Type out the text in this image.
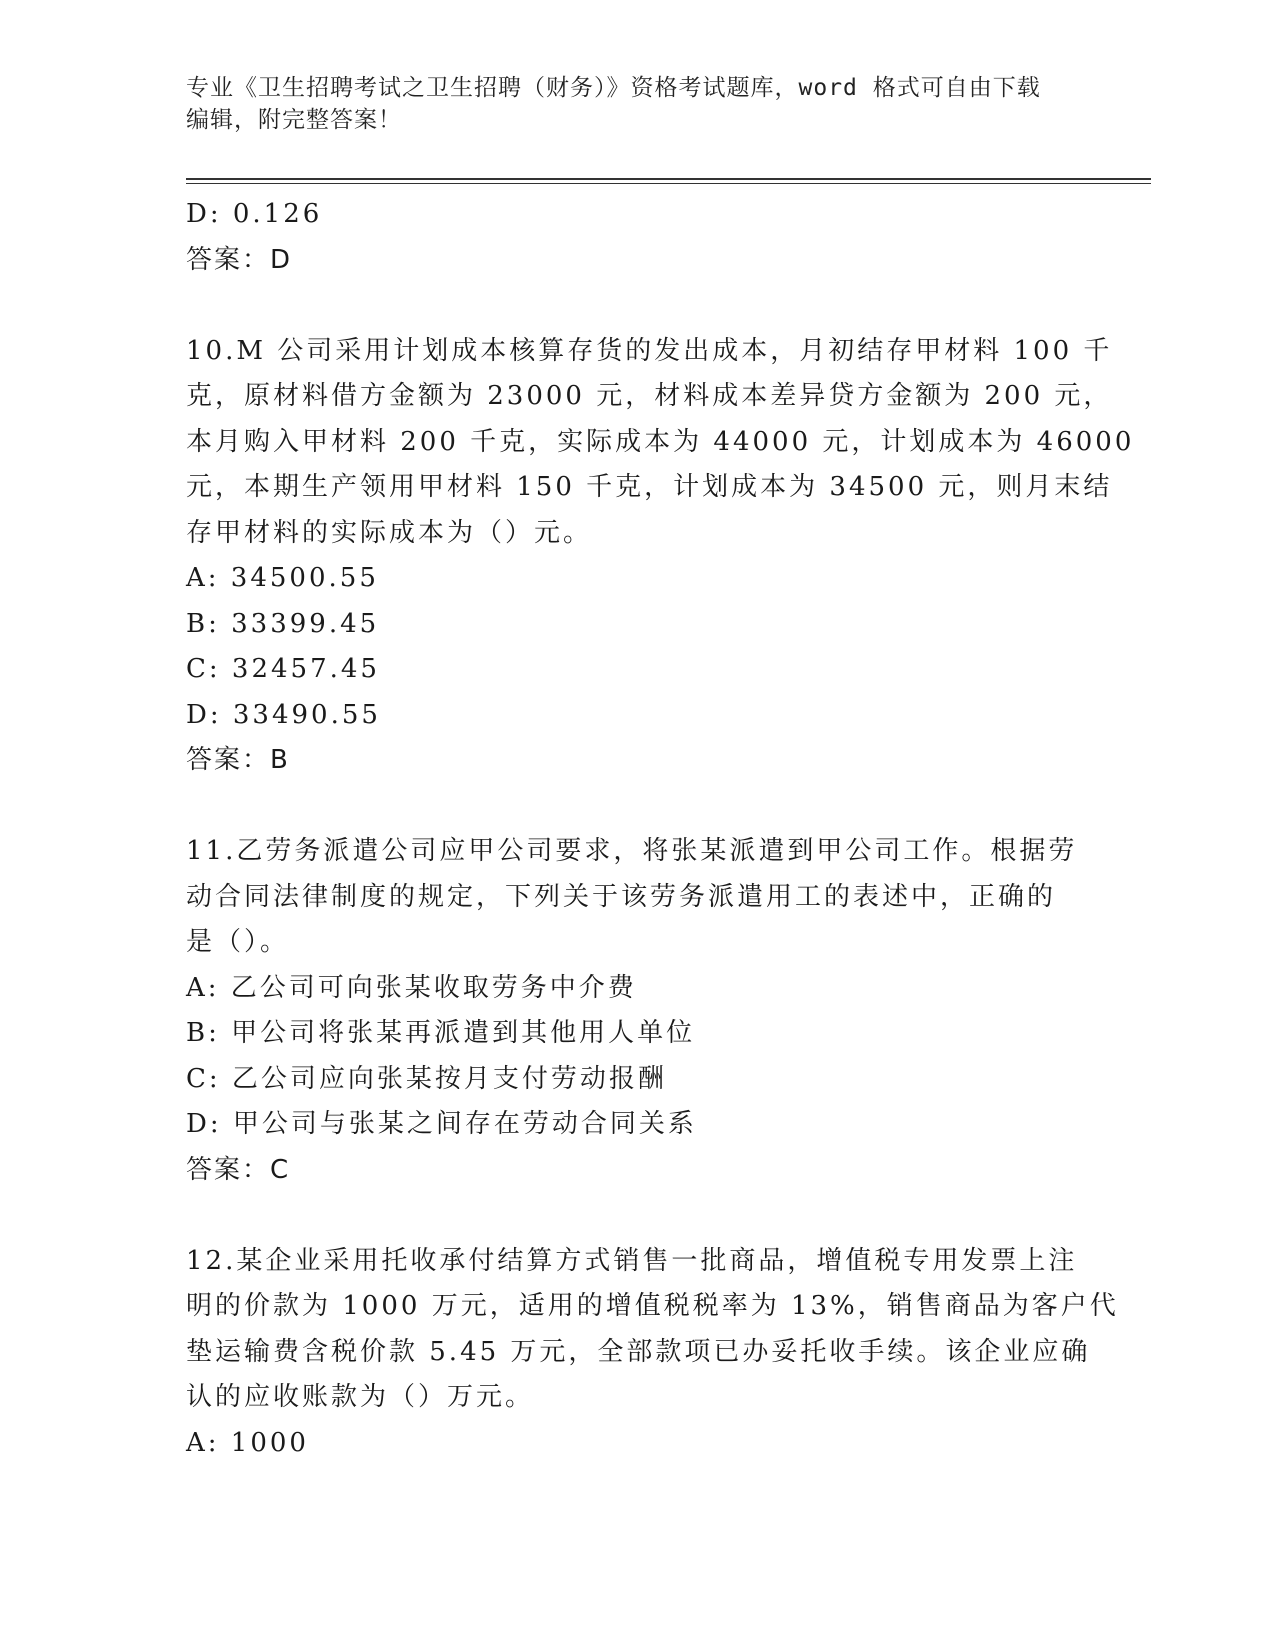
专业《卫生招聘考试之卫生招聘（财务）》资格考试题库，word 格式可自由下载
编辑，附完整答案！
D: 0.126
答案：D
10.M 公司采用计划成本核算存货的发出成本，月初结存甲材料 100 千
克，原材料借方金额为 23000 元，材料成本差异贷方金额为 200 元，
本月购入甲材料 200 千克，实际成本为 44000 元，计划成本为 46000
元，本期生产领用甲材料 150 千克，计划成本为 34500 元，则月末结
存甲材料的实际成本为（）元。
A: 34500.55
B: 33399.45
C: 32457.45
D: 33490.55
答案：B
11.乙劳务派遣公司应甲公司要求，将张某派遣到甲公司工作。根据劳
动合同法律制度的规定，下列关于该劳务派遣用工的表述中，正确的
是（）。
A: 乙公司可向张某收取劳务中介费
B: 甲公司将张某再派遣到其他用人单位
C: 乙公司应向张某按月支付劳动报酬
D: 甲公司与张某之间存在劳动合同关系
答案：C
12.某企业采用托收承付结算方式销售一批商品，增值税专用发票上注
明的价款为 1000 万元，适用的增值税税率为 13%，销售商品为客户代
垫运输费含税价款 5.45 万元，全部款项已办妥托收手续。该企业应确
认的应收账款为（）万元。
A: 1000
